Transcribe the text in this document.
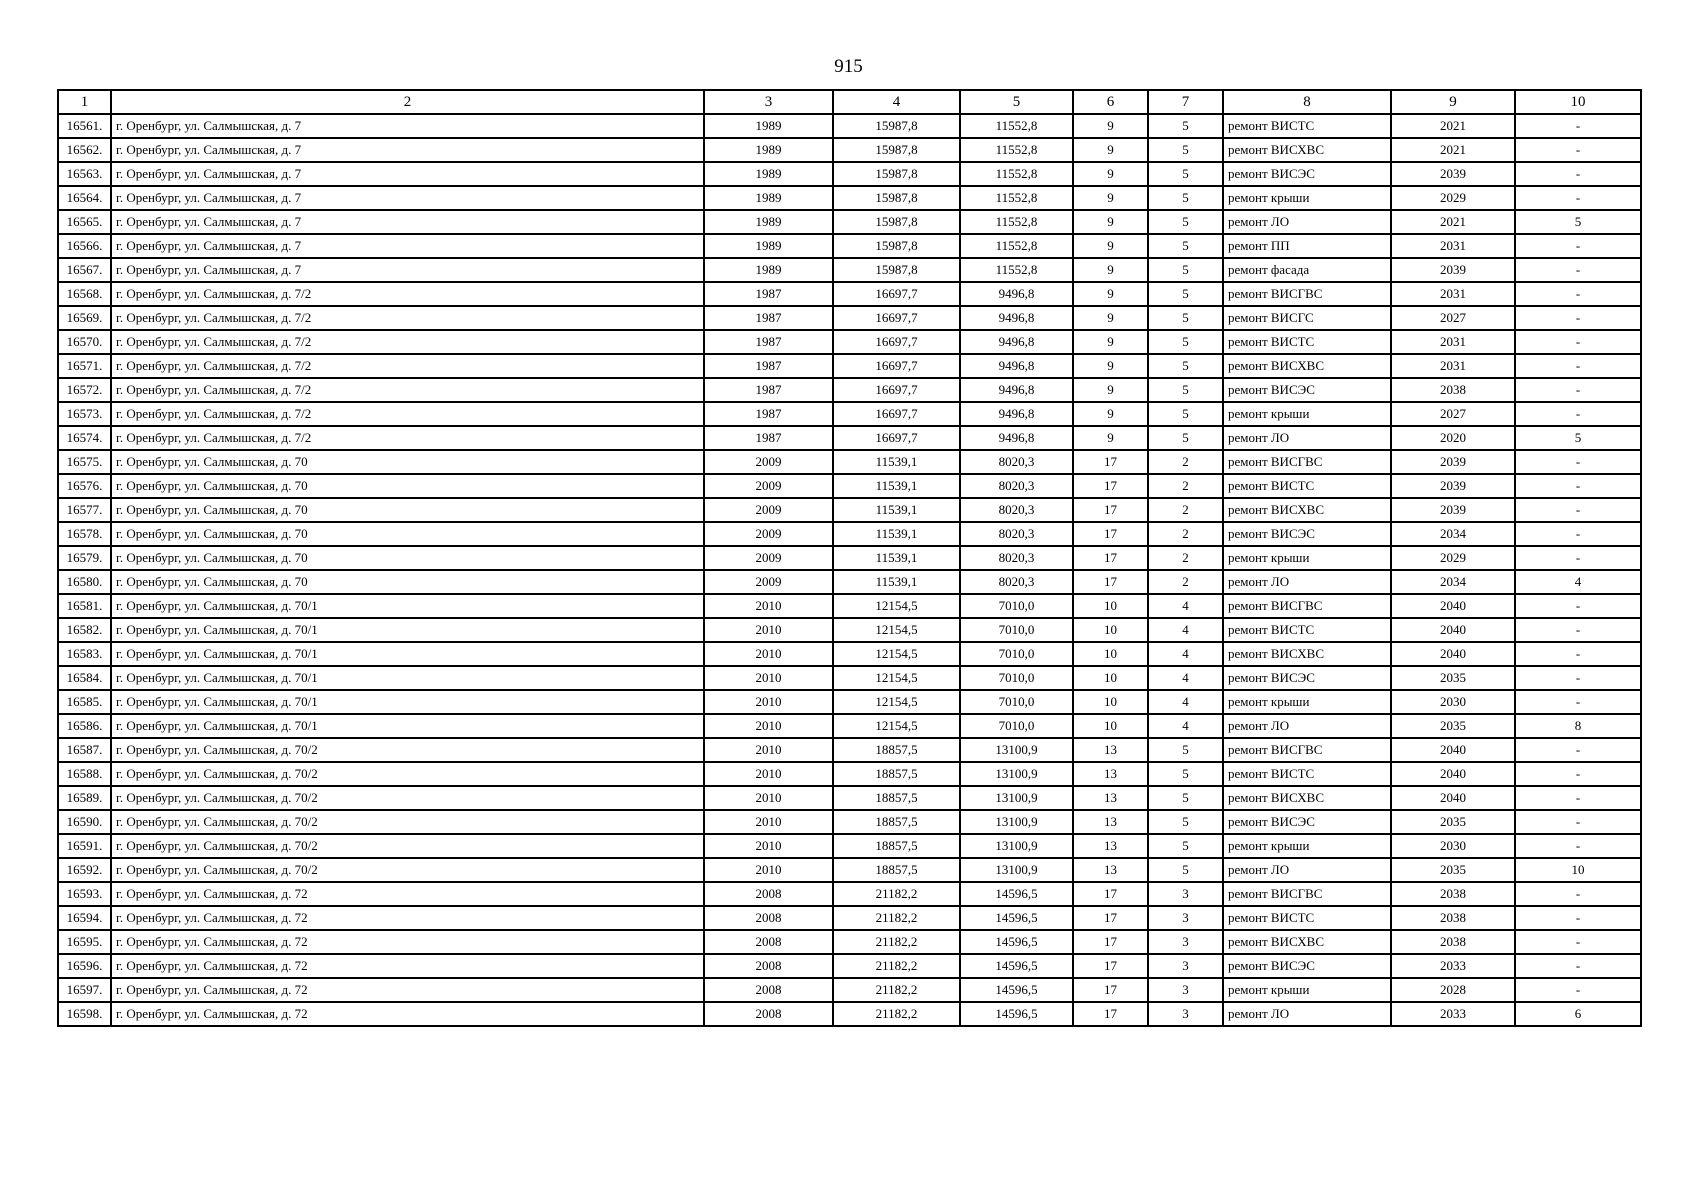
915
1	2	3	4	5	6	7	8	9	10
16561.	г. Оренбург, ул. Салмышская, д. 7	1989	15987,8	11552,8	9	5	ремонт ВИСТС	2021	-
16562.	г. Оренбург, ул. Салмышская, д. 7	1989	15987,8	11552,8	9	5	ремонт ВИСХВС	2021	-
16563.	г. Оренбург, ул. Салмышская, д. 7	1989	15987,8	11552,8	9	5	ремонт ВИСЭС	2039	-
16564.	г. Оренбург, ул. Салмышская, д. 7	1989	15987,8	11552,8	9	5	ремонт крыши	2029	-
16565.	г. Оренбург, ул. Салмышская, д. 7	1989	15987,8	11552,8	9	5	ремонт ЛО	2021	5
16566.	г. Оренбург, ул. Салмышская, д. 7	1989	15987,8	11552,8	9	5	ремонт ПП	2031	-
16567.	г. Оренбург, ул. Салмышская, д. 7	1989	15987,8	11552,8	9	5	ремонт фасада	2039	-
16568.	г. Оренбург, ул. Салмышская, д. 7/2	1987	16697,7	9496,8	9	5	ремонт ВИСГВС	2031	-
16569.	г. Оренбург, ул. Салмышская, д. 7/2	1987	16697,7	9496,8	9	5	ремонт ВИСГС	2027	-
16570.	г. Оренбург, ул. Салмышская, д. 7/2	1987	16697,7	9496,8	9	5	ремонт ВИСТС	2031	-
16571.	г. Оренбург, ул. Салмышская, д. 7/2	1987	16697,7	9496,8	9	5	ремонт ВИСХВС	2031	-
16572.	г. Оренбург, ул. Салмышская, д. 7/2	1987	16697,7	9496,8	9	5	ремонт ВИСЭС	2038	-
16573.	г. Оренбург, ул. Салмышская, д. 7/2	1987	16697,7	9496,8	9	5	ремонт крыши	2027	-
16574.	г. Оренбург, ул. Салмышская, д. 7/2	1987	16697,7	9496,8	9	5	ремонт ЛО	2020	5
16575.	г. Оренбург, ул. Салмышская, д. 70	2009	11539,1	8020,3	17	2	ремонт ВИСГВС	2039	-
16576.	г. Оренбург, ул. Салмышская, д. 70	2009	11539,1	8020,3	17	2	ремонт ВИСТС	2039	-
16577.	г. Оренбург, ул. Салмышская, д. 70	2009	11539,1	8020,3	17	2	ремонт ВИСХВС	2039	-
16578.	г. Оренбург, ул. Салмышская, д. 70	2009	11539,1	8020,3	17	2	ремонт ВИСЭС	2034	-
16579.	г. Оренбург, ул. Салмышская, д. 70	2009	11539,1	8020,3	17	2	ремонт крыши	2029	-
16580.	г. Оренбург, ул. Салмышская, д. 70	2009	11539,1	8020,3	17	2	ремонт ЛО	2034	4
16581.	г. Оренбург, ул. Салмышская, д. 70/1	2010	12154,5	7010,0	10	4	ремонт ВИСГВС	2040	-
16582.	г. Оренбург, ул. Салмышская, д. 70/1	2010	12154,5	7010,0	10	4	ремонт ВИСТС	2040	-
16583.	г. Оренбург, ул. Салмышская, д. 70/1	2010	12154,5	7010,0	10	4	ремонт ВИСХВС	2040	-
16584.	г. Оренбург, ул. Салмышская, д. 70/1	2010	12154,5	7010,0	10	4	ремонт ВИСЭС	2035	-
16585.	г. Оренбург, ул. Салмышская, д. 70/1	2010	12154,5	7010,0	10	4	ремонт крыши	2030	-
16586.	г. Оренбург, ул. Салмышская, д. 70/1	2010	12154,5	7010,0	10	4	ремонт ЛО	2035	8
16587.	г. Оренбург, ул. Салмышская, д. 70/2	2010	18857,5	13100,9	13	5	ремонт ВИСГВС	2040	-
16588.	г. Оренбург, ул. Салмышская, д. 70/2	2010	18857,5	13100,9	13	5	ремонт ВИСТС	2040	-
16589.	г. Оренбург, ул. Салмышская, д. 70/2	2010	18857,5	13100,9	13	5	ремонт ВИСХВС	2040	-
16590.	г. Оренбург, ул. Салмышская, д. 70/2	2010	18857,5	13100,9	13	5	ремонт ВИСЭС	2035	-
16591.	г. Оренбург, ул. Салмышская, д. 70/2	2010	18857,5	13100,9	13	5	ремонт крыши	2030	-
16592.	г. Оренбург, ул. Салмышская, д. 70/2	2010	18857,5	13100,9	13	5	ремонт ЛО	2035	10
16593.	г. Оренбург, ул. Салмышская, д. 72	2008	21182,2	14596,5	17	3	ремонт ВИСГВС	2038	-
16594.	г. Оренбург, ул. Салмышская, д. 72	2008	21182,2	14596,5	17	3	ремонт ВИСТС	2038	-
16595.	г. Оренбург, ул. Салмышская, д. 72	2008	21182,2	14596,5	17	3	ремонт ВИСХВС	2038	-
16596.	г. Оренбург, ул. Салмышская, д. 72	2008	21182,2	14596,5	17	3	ремонт ВИСЭС	2033	-
16597.	г. Оренбург, ул. Салмышская, д. 72	2008	21182,2	14596,5	17	3	ремонт крыши	2028	-
16598.	г. Оренбург, ул. Салмышская, д. 72	2008	21182,2	14596,5	17	3	ремонт ЛО	2033	6
